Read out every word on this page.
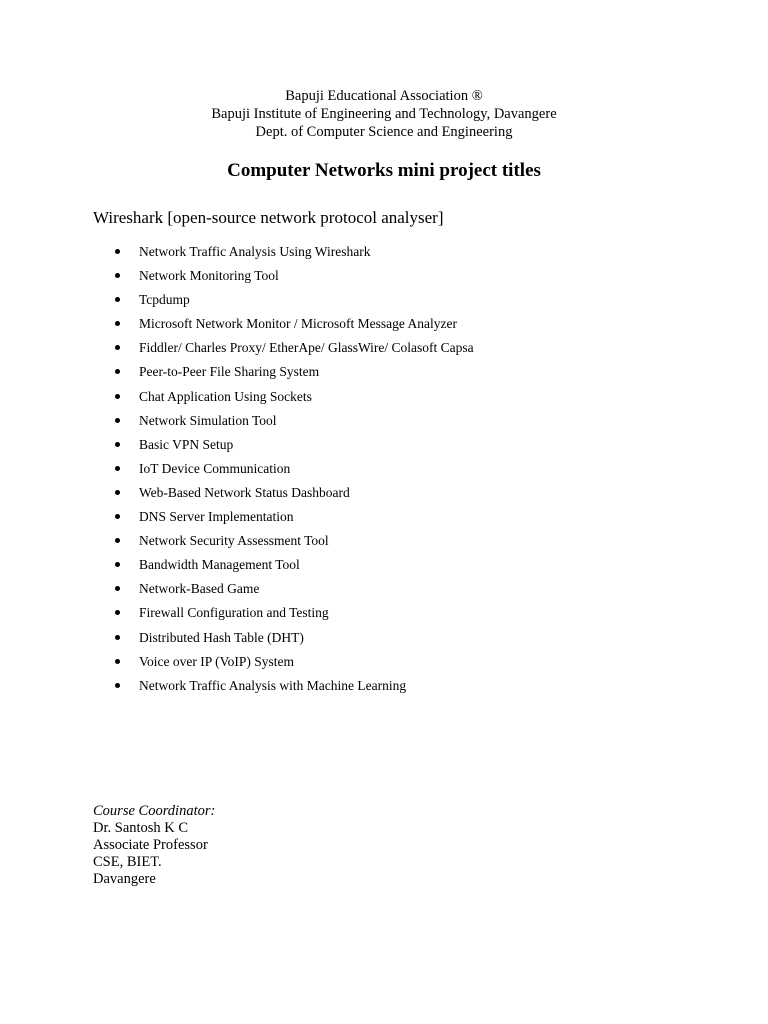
Bapuji Educational Association ®
Bapuji Institute of Engineering and Technology, Davangere
Dept. of Computer Science and Engineering
Computer Networks mini project titles
Wireshark [open-source network protocol analyser]
Network Traffic Analysis Using Wireshark
Network Monitoring Tool
Tcpdump
Microsoft Network Monitor / Microsoft Message Analyzer
Fiddler/ Charles Proxy/ EtherApe/ GlassWire/ Colasoft Capsa
Peer-to-Peer File Sharing System
Chat Application Using Sockets
Network Simulation Tool
Basic VPN Setup
IoT Device Communication
Web-Based Network Status Dashboard
DNS Server Implementation
Network Security Assessment Tool
Bandwidth Management Tool
Network-Based Game
Firewall Configuration and Testing
Distributed Hash Table (DHT)
Voice over IP (VoIP) System
Network Traffic Analysis with Machine Learning
Course Coordinator:
Dr. Santosh K C
Associate Professor
CSE, BIET.
Davangere
